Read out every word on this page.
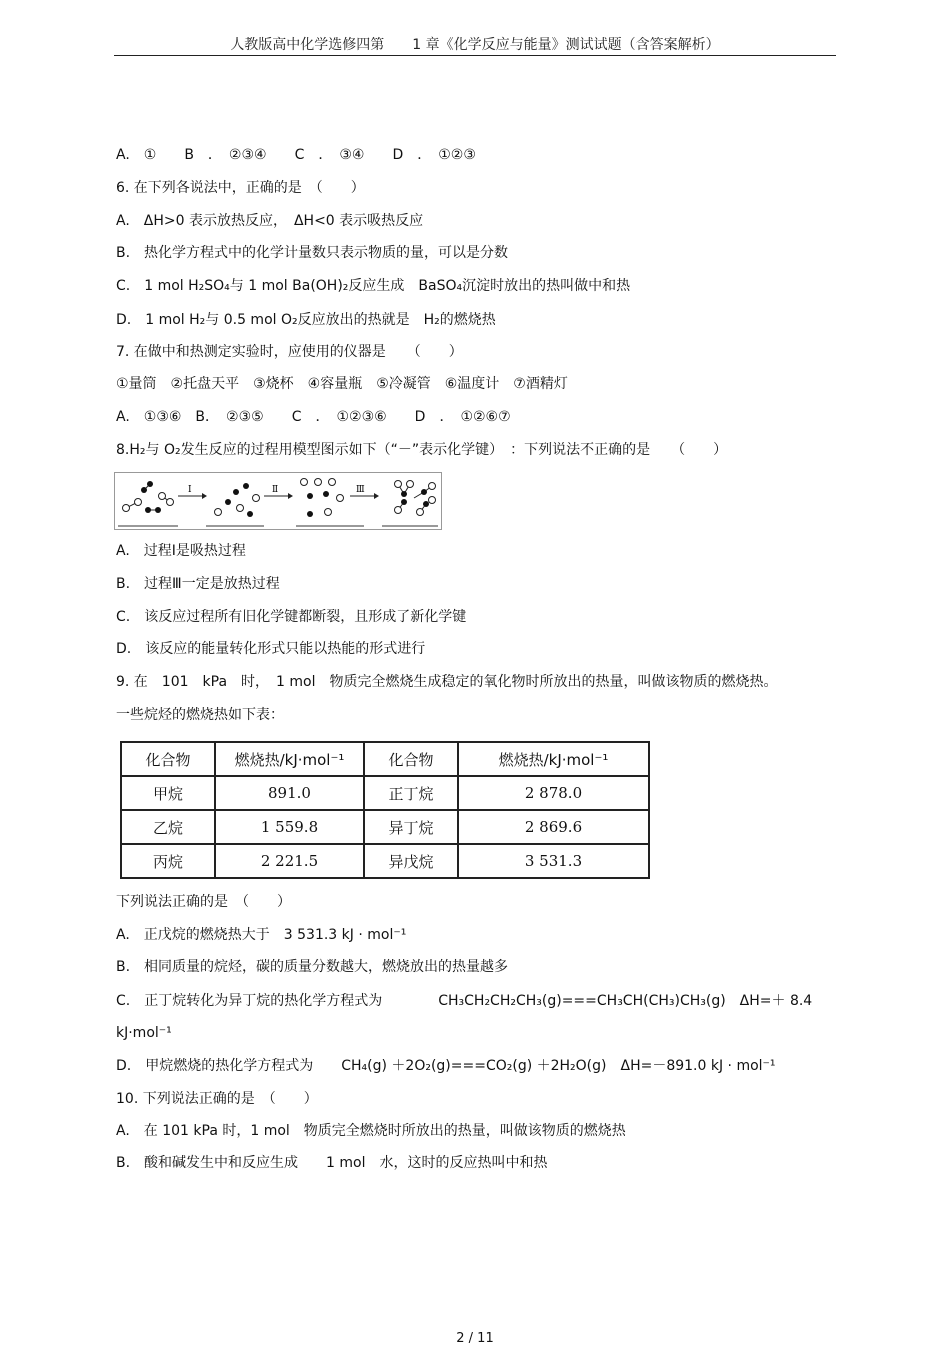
人教版高中化学选修四第　　1 章《化学反应与能量》测试试题（含答案解析）
A.　①　　B　．　②③④　　C　．　③④　　D　．　①②③
6. 在下列各说法中，正确的是　（　　）
A.　ΔH>0 表示放热反应，　ΔH<0 表示吸热反应
B.　热化学方程式中的化学计量数只表示物质的量，可以是分数
C.　1 mol H₂SO₄与 1 mol Ba(OH)₂反应生成　BaSO₄沉淀时放出的热叫做中和热
D.　1 mol H₂与 0.5 mol O₂反应放出的热就是　H₂的燃烧热
7. 在做中和热测定实验时，应使用的仪器是　　（　　）
①量筒　②托盘天平　③烧杯　④容量瓶　⑤冷凝管　⑥温度计　⑦酒精灯
A.　①③⑥　B．　②③⑤　　C　．　①②③⑥　　D　．　①②⑥⑦
8.H₂与 O₂发生反应的过程用模型图示如下（“－”表示化学键）　：下列说法不正确的是　　（　　）
A.　过程Ⅰ是吸热过程
B.　过程Ⅲ一定是放热过程
C.　该反应过程所有旧化学键都断裂，且形成了新化学键
D.　该反应的能量转化形式只能以热能的形式进行
9. 在　101　kPa　时，　1 mol　物质完全燃烧生成稳定的氧化物时所放出的热量，叫做该物质的燃烧热。
一些烷烃的燃烧热如下表：
下列说法正确的是　（　　）
A.　正戊烷的燃烧热大于　3 531.3 kJ · mol⁻¹
B.　相同质量的烷烃，碳的质量分数越大，燃烧放出的热量越多
C.　正丁烷转化为异丁烷的热化学方程式为　　　　CH₃CH₂CH₂CH₃(g)===CH₃CH(CH₃)CH₃(g)　ΔH=＋ 8.4
kJ·mol⁻¹
D.　甲烷燃烧的热化学方程式为　　CH₄(g) ＋2O₂(g)===CO₂(g) ＋2H₂O(g)　ΔH=－891.0 kJ · mol⁻¹
10. 下列说法正确的是　（　　）
A.　在 101 kPa 时，1 mol　物质完全燃烧时所放出的热量，叫做该物质的燃烧热
B.　酸和碱发生中和反应生成　　1 mol　水，这时的反应热叫中和热
Ⅰ	Ⅱ	Ⅲ
化合物	燃烧热/kJ·mol⁻¹	化合物	燃烧热/kJ·mol⁻¹
甲烷	891.0	正丁烷	2 878.0
乙烷	1 559.8	异丁烷	2 869.6
丙烷	2 221.5	异戊烷	3 531.3
2 / 11
